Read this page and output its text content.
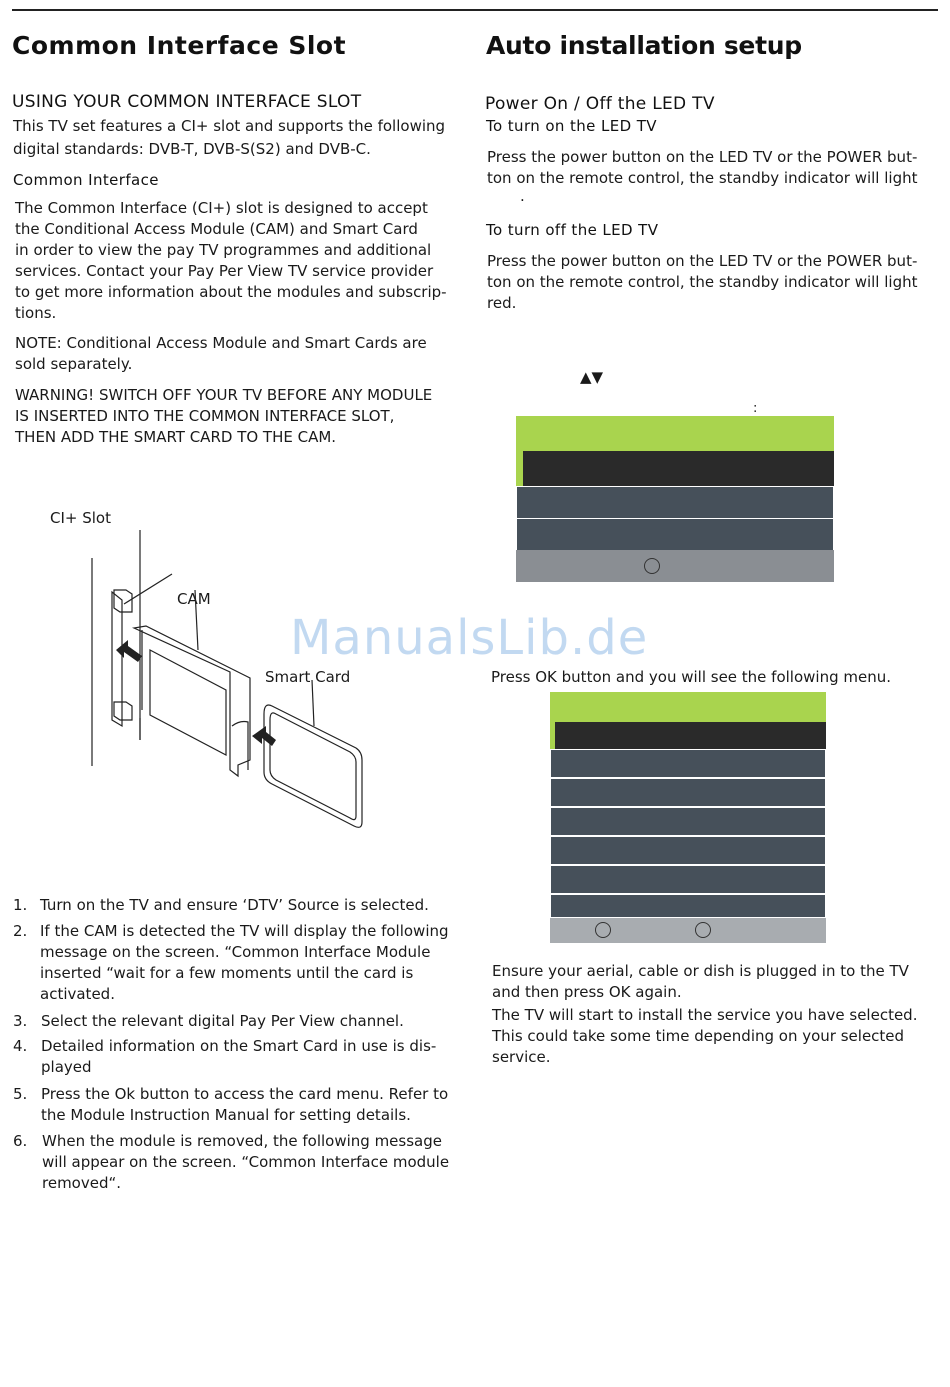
Common Interface Slot
USING YOUR COMMON INTERFACE SLOT
This TV set features a CI+ slot and supports the following
digital standards: DVB-T, DVB-S(S2) and DVB-C.
Common Interface
The Common Interface (CI+) slot is designed to accept
the Conditional Access Module (CAM) and Smart Card
in order to view the pay TV programmes and additional
services. Contact your Pay Per View TV service provider
to get more information about the modules and subscrip-
tions.
NOTE: Conditional Access Module and Smart Cards are
sold separately.
WARNING! SWITCH OFF YOUR TV BEFORE ANY MODULE
IS INSERTED INTO THE COMMON INTERFACE SLOT,
THEN ADD THE SMART CARD TO THE CAM.
CI+ Slot
CAM
Smart Card
1. Turn on the TV and ensure ‘DTV’ Source is selected.
2. If the CAM is detected the TV will display the following
message on the screen. “Common Interface Module
inserted “wait for a few moments until the card is
activated.
3. Select the relevant digital Pay Per View channel.
4. Detailed information on the Smart Card in use is dis-
played
5. Press the Ok button to access the card menu. Refer to
the Module Instruction Manual for setting details.
6. When the module is removed, the following message
will appear on the screen. “Common Interface module
removed“.
Auto installation setup
Power On / Off the LED TV
To turn on the LED TV
Press the power button on the LED TV or the POWER but-
ton on the remote control, the standby indicator will light
.
To turn off the LED TV
Press the power button on the LED TV or the POWER but-
ton on the remote control, the standby indicator will light
red.
▲▼
:
ManualsLib.de
Press OK button and you will see the following menu.
Ensure your aerial, cable or dish is plugged in to the TV
and then press OK again.
The TV will start to install the service you have selected.
This could take some time depending on your selected
service.
